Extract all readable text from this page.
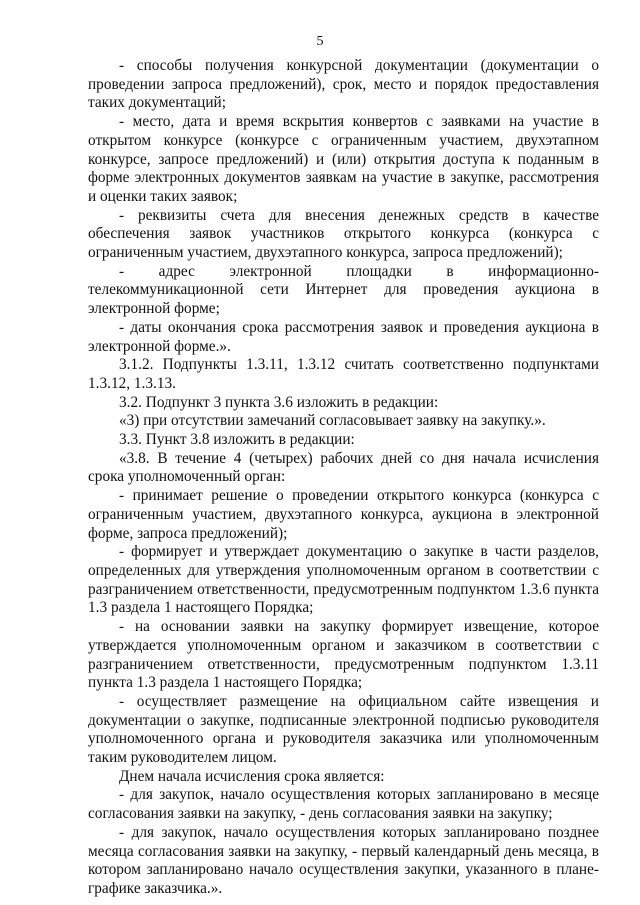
5

- способы получения конкурсной документации (документации о проведении запроса предложений), срок, место и порядок предоставления таких документаций;

- место, дата и время вскрытия конвертов с заявками на участие в открытом конкурсе (конкурсе с ограниченным участием, двухэтапном конкурсе, запросе предложений) и (или) открытия доступа к поданным в форме электронных документов заявкам на участие в закупке, рассмотрения и оценки таких заявок;

- реквизиты счета для внесения денежных средств в качестве обеспечения заявок участников открытого конкурса (конкурса с ограниченным участием, двухэтапного конкурса, запроса предложений);

- адрес электронной площадки в информационно-телекоммуникационной сети Интернет для проведения аукциона в электронной форме;

- даты окончания срока рассмотрения заявок и проведения аукциона в электронной форме.».

3.1.2. Подпункты 1.3.11, 1.3.12 считать соответственно подпунктами 1.3.12, 1.3.13.

3.2. Подпункт 3 пункта 3.6 изложить в редакции:

«3) при отсутствии замечаний согласовывает заявку на закупку.».

3.3. Пункт 3.8 изложить в редакции:

«3.8. В течение 4 (четырех) рабочих дней со дня начала исчисления срока уполномоченный орган:

- принимает решение о проведении открытого конкурса (конкурса с ограниченным участием, двухэтапного конкурса, аукциона в электронной форме, запроса предложений);

- формирует и утверждает документацию о закупке в части разделов, определенных для утверждения уполномоченным органом в соответствии с разграничением ответственности, предусмотренным подпунктом 1.3.6 пункта 1.3 раздела 1 настоящего Порядка;

- на основании заявки на закупку формирует извещение, которое утверждается уполномоченным органом и заказчиком в соответствии с разграничением ответственности, предусмотренным подпунктом 1.3.11 пункта 1.3 раздела 1 настоящего Порядка;

- осуществляет размещение на официальном сайте извещения и документации о закупке, подписанные электронной подписью руководителя уполномоченного органа и руководителя заказчика или уполномоченным таким руководителем лицом.

Днем начала исчисления срока является:

- для закупок, начало осуществления которых запланировано в месяце согласования заявки на закупку, - день согласования заявки на закупку;

- для закупок, начало осуществления которых запланировано позднее месяца согласования заявки на закупку, - первый календарный день месяца, в котором запланировано начало осуществления закупки, указанного в плане-графике заказчика.».
